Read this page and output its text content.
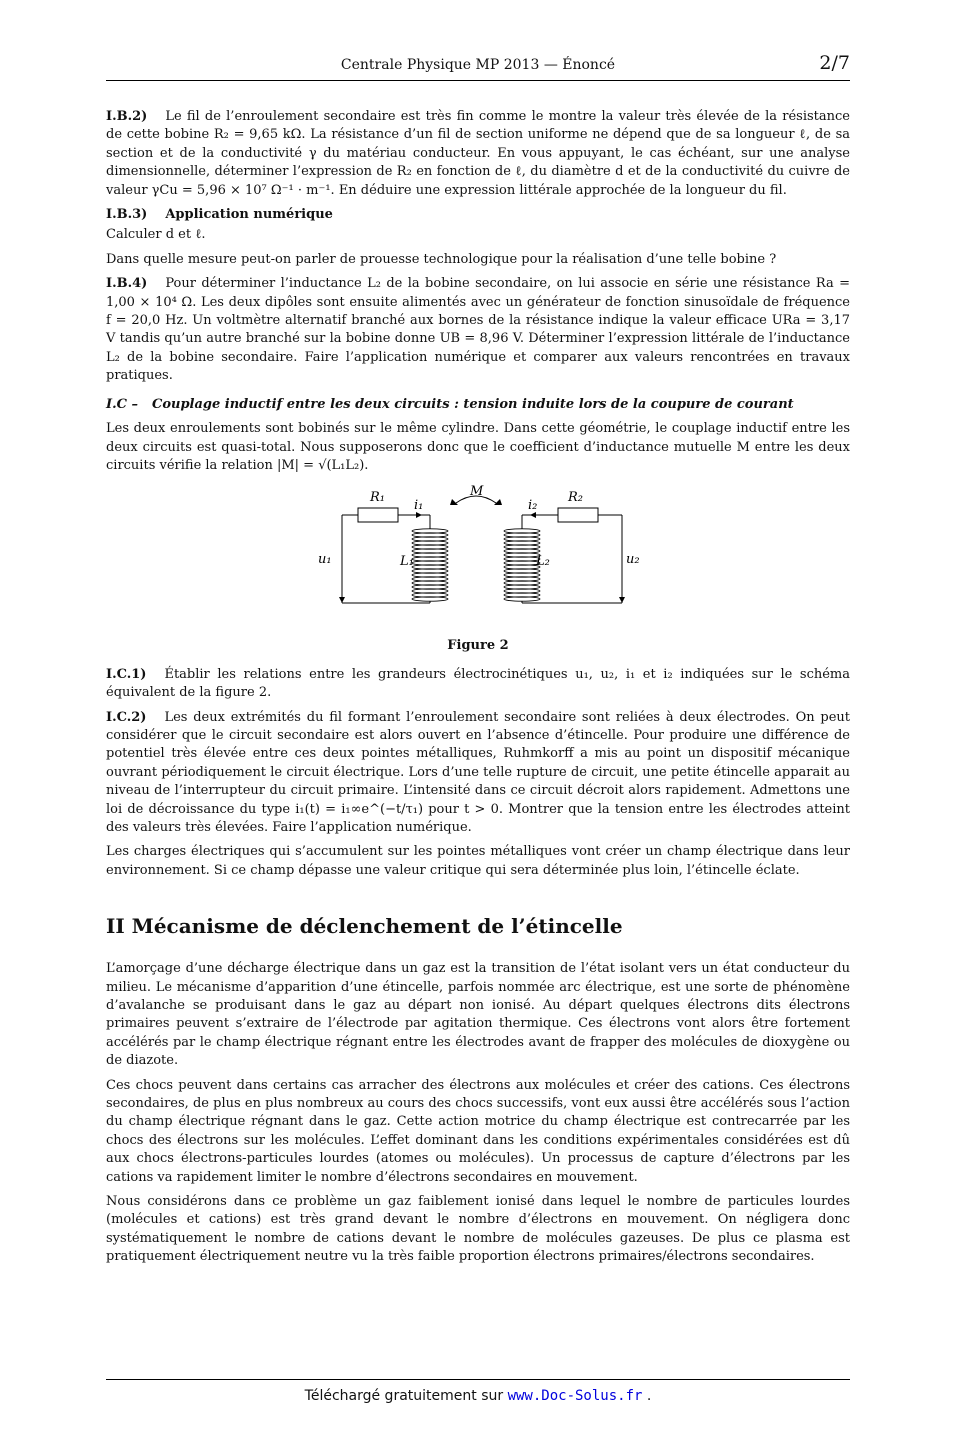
Centrale Physique MP 2013 — Énoncé	2/7

I.B.2) Le fil de l’enroulement secondaire est très fin comme le montre la valeur très élevée de la résistance de cette bobine R₂ = 9,65 kΩ. La résistance d’un fil de section uniforme ne dépend que de sa longueur ℓ, de sa section et de la conductivité γ du matériau conducteur. En vous appuyant, le cas échéant, sur une analyse dimensionnelle, déterminer l’expression de R₂ en fonction de ℓ, du diamètre d et de la conductivité du cuivre de valeur γCu = 5,96 × 10⁷ Ω⁻¹ · m⁻¹. En déduire une expression littérale approchée de la longueur du fil.

I.B.3) Application numérique

Calculer d et ℓ.

Dans quelle mesure peut-on parler de prouesse technologique pour la réalisation d’une telle bobine ?

I.B.4) Pour déterminer l’inductance L₂ de la bobine secondaire, on lui associe en série une résistance Ra = 1,00 × 10⁴ Ω. Les deux dipôles sont ensuite alimentés avec un générateur de fonction sinusoïdale de fréquence f = 20,0 Hz. Un voltmètre alternatif branché aux bornes de la résistance indique la valeur efficace URa = 3,17 V tandis qu’un autre branché sur la bobine donne UB = 8,96 V. Déterminer l’expression littérale de l’inductance L₂ de la bobine secondaire. Faire l’application numérique et comparer aux valeurs rencontrées en travaux pratiques.

I.C – Couplage inductif entre les deux circuits : tension induite lors de la coupure de courant

Les deux enroulements sont bobinés sur le même cylindre. Dans cette géométrie, le couplage inductif entre les deux circuits est quasi-total. Nous supposerons donc que le coefficient d’inductance mutuelle M entre les deux circuits vérifie la relation |M| = √(L₁L₂).

R₁	R₂
i₁	i₂
M
L₁	L₂
u₁	u₂
Figure 2

I.C.1) Établir les relations entre les grandeurs électrocinétiques u₁, u₂, i₁ et i₂ indiquées sur le schéma équivalent de la figure 2.

I.C.2) Les deux extrémités du fil formant l’enroulement secondaire sont reliées à deux électrodes. On peut considérer que le circuit secondaire est alors ouvert en l’absence d’étincelle. Pour produire une différence de potentiel très élevée entre ces deux pointes métalliques, Ruhmkorff a mis au point un dispositif mécanique ouvrant périodiquement le circuit électrique. Lors d’une telle rupture de circuit, une petite étincelle apparait au niveau de l’interrupteur du circuit primaire. L’intensité dans ce circuit décroit alors rapidement. Admettons une loi de décroissance du type i₁(t) = i₁∞e^(−t/τ₁) pour t > 0. Montrer que la tension entre les électrodes atteint des valeurs très élevées. Faire l’application numérique.

Les charges électriques qui s’accumulent sur les pointes métalliques vont créer un champ électrique dans leur environnement. Si ce champ dépasse une valeur critique qui sera déterminée plus loin, l’étincelle éclate.

II Mécanisme de déclenchement de l’étincelle

L’amorçage d’une décharge électrique dans un gaz est la transition de l’état isolant vers un état conducteur du milieu. Le mécanisme d’apparition d’une étincelle, parfois nommée arc électrique, est une sorte de phénomène d’avalanche se produisant dans le gaz au départ non ionisé. Au départ quelques électrons dits électrons primaires peuvent s’extraire de l’électrode par agitation thermique. Ces électrons vont alors être fortement accélérés par le champ électrique régnant entre les électrodes avant de frapper des molécules de dioxygène ou de diazote.

Ces chocs peuvent dans certains cas arracher des électrons aux molécules et créer des cations. Ces électrons secondaires, de plus en plus nombreux au cours des chocs successifs, vont eux aussi être accélérés sous l’action du champ électrique régnant dans le gaz. Cette action motrice du champ électrique est contrecarrée par les chocs des électrons sur les molécules. L’effet dominant dans les conditions expérimentales considérées est dû aux chocs électrons-particules lourdes (atomes ou molécules). Un processus de capture d’électrons par les cations va rapidement limiter le nombre d’électrons secondaires en mouvement.

Nous considérons dans ce problème un gaz faiblement ionisé dans lequel le nombre de particules lourdes (molécules et cations) est très grand devant le nombre d’électrons en mouvement. On négligera donc systématiquement le nombre de cations devant le nombre de molécules gazeuses. De plus ce plasma est pratiquement électriquement neutre vu la très faible proportion électrons primaires/électrons secondaires.

Téléchargé gratuitement sur www.Doc-Solus.fr .
